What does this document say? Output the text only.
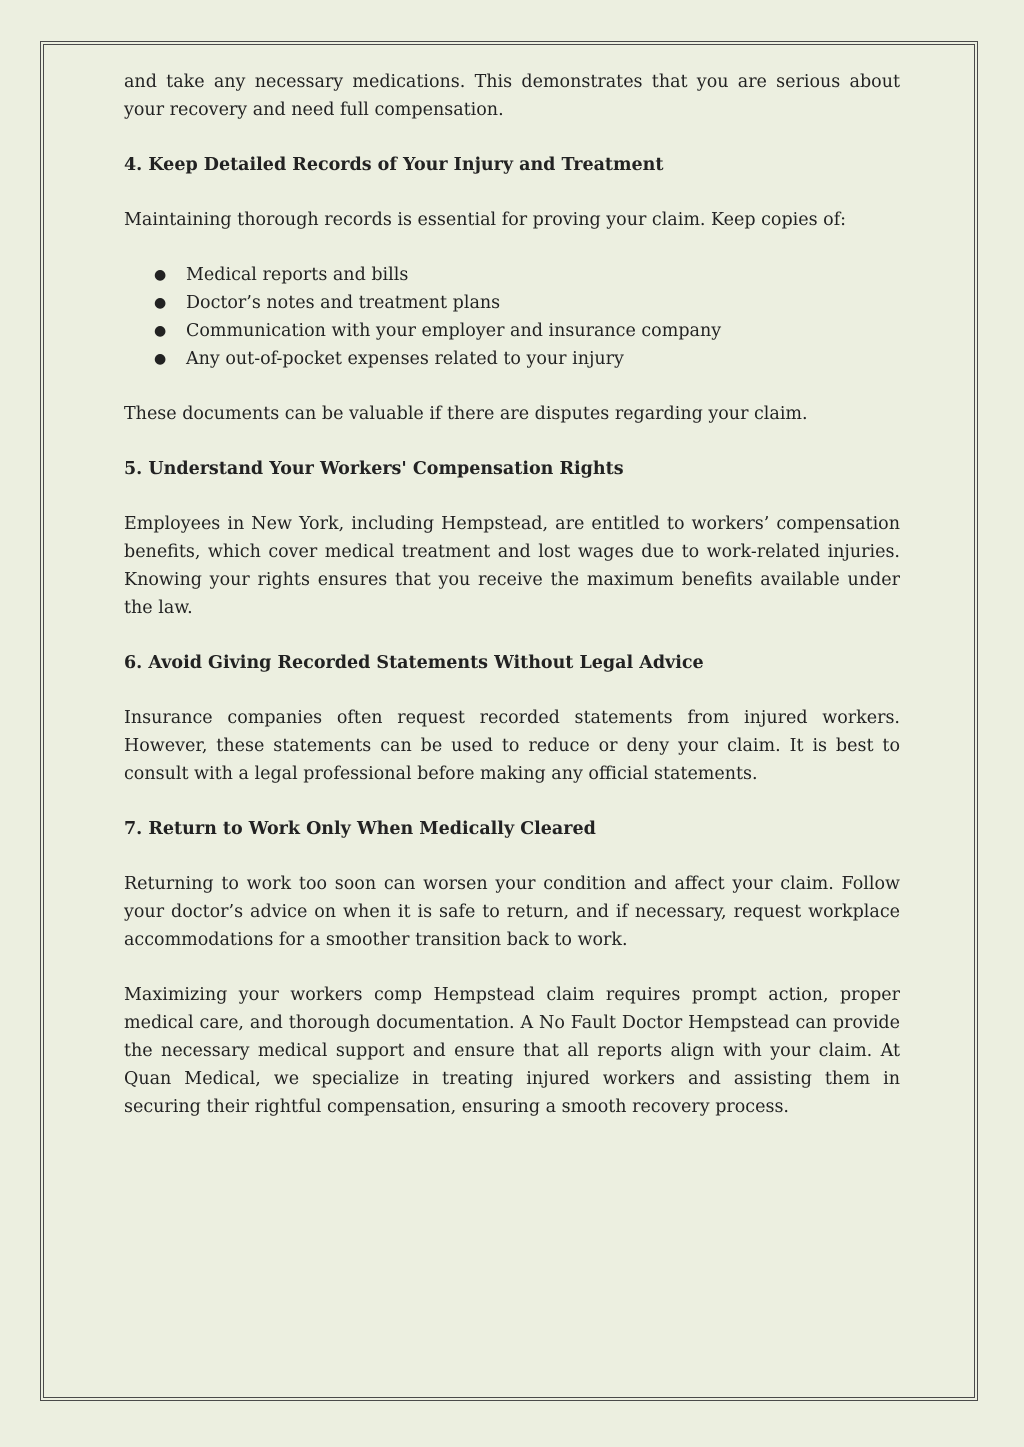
and take any necessary medications. This demonstrates that you are serious about your recovery and need full compensation.

4. Keep Detailed Records of Your Injury and Treatment

Maintaining thorough records is essential for proving your claim. Keep copies of:

● Medical reports and bills
● Doctor’s notes and treatment plans
● Communication with your employer and insurance company
● Any out-of-pocket expenses related to your injury

These documents can be valuable if there are disputes regarding your claim.

5. Understand Your Workers' Compensation Rights

Employees in New York, including Hempstead, are entitled to workers’ compensation benefits, which cover medical treatment and lost wages due to work-related injuries. Knowing your rights ensures that you receive the maximum benefits available under the law.

6. Avoid Giving Recorded Statements Without Legal Advice

Insurance companies often request recorded statements from injured workers. However, these statements can be used to reduce or deny your claim. It is best to consult with a legal professional before making any official statements.

7. Return to Work Only When Medically Cleared

Returning to work too soon can worsen your condition and affect your claim. Follow your doctor’s advice on when it is safe to return, and if necessary, request workplace accommodations for a smoother transition back to work.

Maximizing your workers comp Hempstead claim requires prompt action, proper medical care, and thorough documentation. A No Fault Doctor Hempstead can provide the necessary medical support and ensure that all reports align with your claim. At Quan Medical, we specialize in treating injured workers and assisting them in securing their rightful compensation, ensuring a smooth recovery process.
